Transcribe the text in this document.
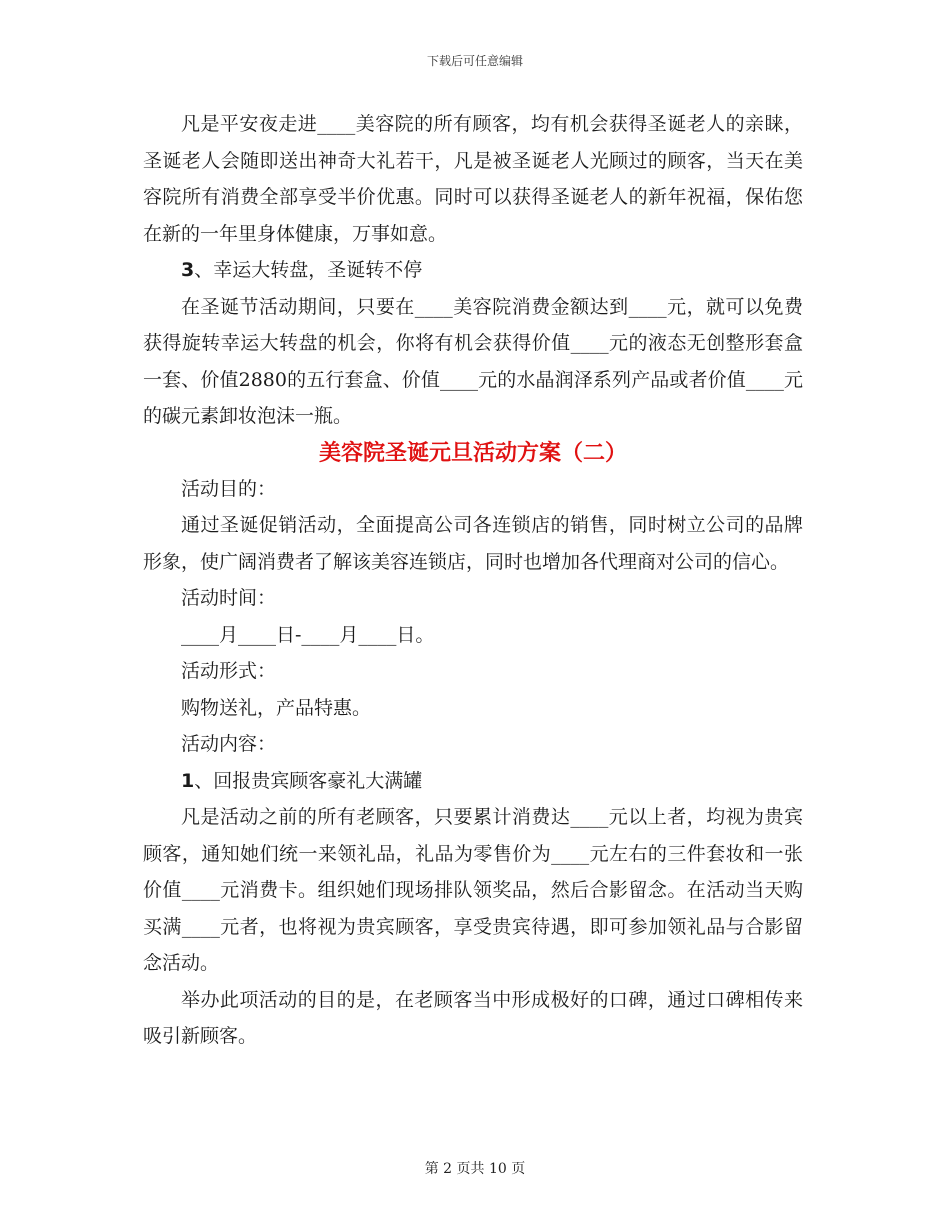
下载后可任意编辑

凡是平安夜走进____美容院的所有顾客，均有机会获得圣诞老人的亲睐，圣诞老人会随即送出神奇大礼若干，凡是被圣诞老人光顾过的顾客，当天在美容院所有消费全部享受半价优惠。同时可以获得圣诞老人的新年祝福，保佑您在新的一年里身体健康，万事如意。

3、幸运大转盘，圣诞转不停

在圣诞节活动期间，只要在____美容院消费金额达到____元，就可以免费获得旋转幸运大转盘的机会，你将有机会获得价值____元的液态无创整形套盒一套、价值2880的五行套盒、价值____元的水晶润泽系列产品或者价值____元的碳元素卸妆泡沫一瓶。

美容院圣诞元旦活动方案（二）

活动目的：

通过圣诞促销活动，全面提高公司各连锁店的销售，同时树立公司的品牌形象，使广阔消费者了解该美容连锁店，同时也增加各代理商对公司的信心。

活动时间：

____月____日-____月____日。

活动形式：

购物送礼，产品特惠。

活动内容：

1、回报贵宾顾客豪礼大满罐

凡是活动之前的所有老顾客，只要累计消费达____元以上者，均视为贵宾顾客，通知她们统一来领礼品，礼品为零售价为____元左右的三件套妆和一张价值____元消费卡。组织她们现场排队领奖品，然后合影留念。在活动当天购买满____元者，也将视为贵宾顾客，享受贵宾待遇，即可参加领礼品与合影留念活动。

举办此项活动的目的是，在老顾客当中形成极好的口碑，通过口碑相传来吸引新顾客。

第 2 页共 10 页
